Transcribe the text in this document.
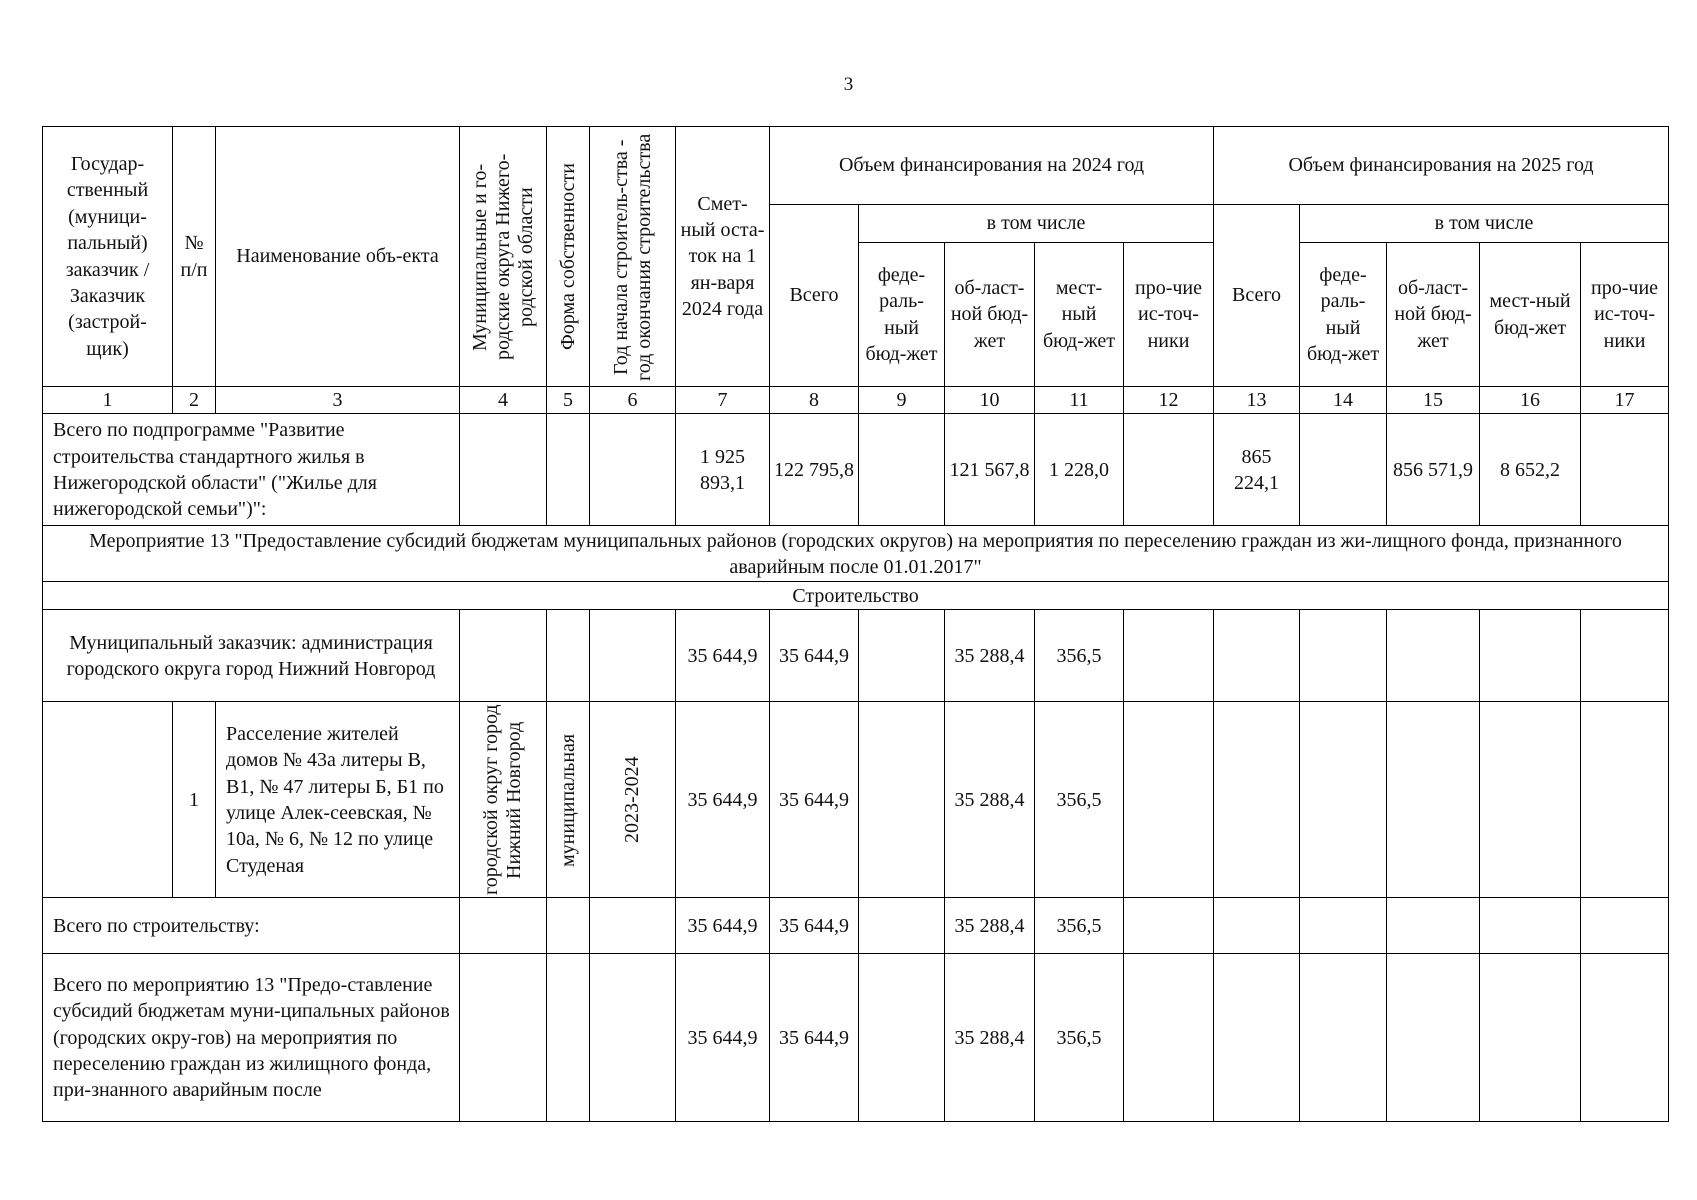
3
Государ-ственный (муници-пальный) заказчик / Заказчик (застрой-щик)	№ п/п	Наименование объ-екта	Муниципальные и го-родские округа Нижего-родской области	Форма собственности	Год начала строитель-ства - год окончания строительства	Смет-ный оста-ток на 1 ян-варя 2024 года	Объем финансирования на 2024 год					Объем финансирования на 2025 год				
							Всего	в том числе				Всего	в том числе			
								феде-раль-ный бюд-жет	об-ласт-ной бюд-жет	мест-ный бюд-жет	про-чие ис-точ-ники		феде-раль-ный бюд-жет	об-ласт-ной бюд-жет	мест-ный бюд-жет	про-чие ис-точ-ники
1	2	3	4	5	6	7	8	9	10	11	12	13	14	15	16	17
Всего по подпрограмме "Развитие строительства стандартного жилья в Нижегородской области" ("Жилье для нижегородской семьи")":						1 925 893,1	122 795,8		121 567,8	1 228,0		865 224,1		856 571,9	8 652,2	
Мероприятие 13 "Предоставление субсидий бюджетам муниципальных районов (городских округов) на мероприятия по переселению граждан из жи-лищного фонда, признанного аварийным после 01.01.2017"																
Строительство																
Муниципальный заказчик: администрация городского округа город Нижний Новгород						35 644,9	35 644,9		35 288,4	356,5						
	1	Расселение жителей домов № 43а литеры В, В1, № 47 литеры Б, Б1 по улице Алек-сеевская, № 10а, № 6, № 12 по улице Студеная	городской округ город Нижний Новгород	муниципальная	2023-2024	35 644,9	35 644,9		35 288,4	356,5						
Всего по строительству:						35 644,9	35 644,9		35 288,4	356,5						
Всего по мероприятию 13 "Предо-ставление субсидий бюджетам муни-ципальных районов (городских окру-гов) на мероприятия по переселению граждан из жилищного фонда, при-знанного аварийным после						35 644,9	35 644,9		35 288,4	356,5						
